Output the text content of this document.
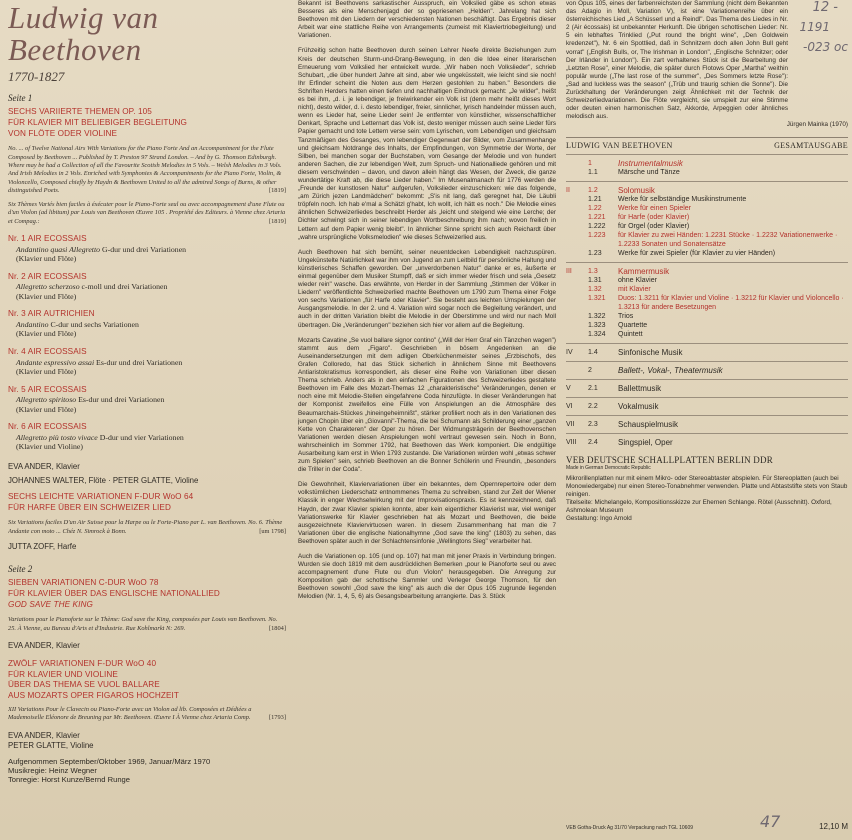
Ludwig van Beethoven
1770-1827
Seite 1
SECHS VARIIERTE THEMEN OP. 105
FÜR KLAVIER MIT BELIEBIGER BEGLEITUNG
VON FLÖTE ODER VIOLINE
No. ... of Twelve National Airs With Variations for the Piano Forte And an Accompaniment for the Flute Composed by Beethoven ... Published by T. Preston 97 Strand London. – And by G. Thomson Edinburgh. Where may be had a Collection of all the Favourite Scotish Melodies in 5 Vols. – Welsh Melodies in 3 Vols. And Irish Melodies in 2 Vols. Enriched with Symphonies & Accompaniments for the Piano Forte, Violin, & Violoncello, Composed chiefly by Haydn & Beethoven United to all the admired Songs of Burns, & other distinguished Poets.	[1819]
Six Thèmes Variés bien faciles à éxécuter pour le Piano-Forte seul ou avec accompagnement d'une Flute ou d'un Violon (ad libitum) par Louis van Beethoven Œuvre 105 . Propriété des Editeurs. à Vienne chez Artaria et Compag.:	[1819]
Nr. 1 AIR ECOSSAIS
Andantino quasi Allegretto G-dur und drei Variationen
(Klavier und Flöte)
Nr. 2 AIR ECOSSAIS
Allegretto scherzoso c-moll und drei Variationen
(Klavier und Flöte)
Nr. 3 AIR AUTRICHIEN
Andantino C-dur und sechs Variationen
(Klavier und Flöte)
Nr. 4 AIR ECOSSAIS
Andante espressivo assai Es-dur und drei Variationen
(Klavier und Flöte)
Nr. 5 AIR ECOSSAIS
Allegretto spiritoso Es-dur und drei Variationen
(Klavier und Flöte)
Nr. 6 AIR ECOSSAIS
Allegretto più tosto vivace D-dur und vier Variationen
(Klavier und Violine)
EVA ANDER, Klavier
JOHANNES WALTER, Flöte · PETER GLATTE, Violine
SECHS LEICHTE VARIATIONEN F-DUR WoO 64
FÜR HARFE ÜBER EIN SCHWEIZER LIED
Six Variations faciles D'un Air Suisse pour la Harpe ou le Forte-Piano par L. van Beethoven. No. 6. Thème Andante con moto ... Chéz N. Simrock à Bonn.	[um 1798]
JUTTA ZOFF, Harfe
Seite 2
SIEBEN VARIATIONEN C-DUR WoO 78
FÜR KLAVIER ÜBER DAS ENGLISCHE NATIONALLIED
GOD SAVE THE KING
Variations pour le Pianoforte sur le Thème: God save the King, composées par Louis van Beethoven. No. 25. À Vienne, au Bureau d'Arts et d'Industrie. Rue Kohlmarkt N: 269.	[1804]
EVA ANDER, Klavier
ZWÖLF VARIATIONEN F-DUR WoO 40
FÜR KLAVIER UND VIOLINE
ÜBER DAS THEMA SE VUOL BALLARE
AUS MOZARTS OPER FIGAROS HOCHZEIT
XII Variations Pour le Clavecin ou Piano-Forte avec un Violon ad lib. Composées et Dédiées a Mademoiselle Eléonore de Breuning par Mr. Beethoven. Œuvre I À Vienne chez Artaria Comp.	[1793]
EVA ANDER, Klavier
PETER GLATTE, Violine
Aufgenommen September/Oktober 1969, Januar/März 1970
Musikregie: Heinz Wegner
Tonregie: Horst Kunze/Bernd Runge

Bekannt ist Beethovens sarkastischer Ausspruch, ein Volkslied gäbe es schon etwas Besseres als eine Menschenjagd der so gepriesenen „Helden". Jahrelang hat sich Beethoven mit den Liedern der verschiedensten Nationen beschäftigt. Das Ergebnis dieser Arbeit war eine stattliche Reihe von Arrangements (zumeist mit Klaviertriobegleitung) und Variationen.

Frühzeitig schon hatte Beethoven durch seinen Lehrer Neefe direkte Beziehungen zum Kreis der deutschen Sturm-und-Drang-Bewegung, in den die Idee einer literarischen Erneuerung vom Volkslied her entwickelt wurde. „Wir haben noch Volkslieder", schrieb Schubart, „die über hundert Jahre alt sind, aber wie ungeküsstelt, wie leicht sind sie noch! Ihr Erfinder scheint die Noten aus dem Herzen gestohlen zu haben." Besonders die Schriften Herders hatten einen tiefen und nachhaltigen Eindruck gemacht: „Je wilder", heißt es bei ihm, „d. i. je lebendiger, je freiwirkender ein Volk ist (denn mehr heißt dieses Wort nicht), desto wilder, d. i. desto lebendiger, freier, sinnlicher, lyrisch handelnder müssen auch, wenn es Lieder hat, seine Lieder sein! Je entfernter von künstlicher, wissenschaftlicher Denkart, Sprache und Letternart das Volk ist, desto weniger müssen auch seine Lieder fürs Papier gemacht und tote Lettern verse sein: vom Lyrischen, vom Lebendigen und gleichsam Tanzmäßigen des Gesanges, vom lebendiger Gegenwart der Bilder, vom Zusammenhange und gleichsam Notdrange des Inhalts, der Empfindungen, von Symmetrie der Worte, der Silben, bei manchen sogar der Buchstaben, vom Gesange der Melodie und von hundert anderen Sachen, die zur lebendigen Welt, zum Spruch- und Nationalliede gehören und mit diesem verschwinden – davon, und davon allein hängt das Wesen, der Zweck, die ganze wundertätige Kraft ab, die diese Lieder haben." Im Musenalmanach für 1776 werden die „Freunde der kunstlosen Natur" aufgerufen, Volkslieder einzuschicken: wie das folgende, „am Zürich jezen Landmädchen" bekommt: „S'is nit lang, daß geregnet hat, Die Läubli tröpfeln noch. Ich hab e'mal a Schätzl g'habt, Ich wollt, ich hätt es noch." Die Melodie eines ähnlichen Schweizerliedes beschreibt Herder als „leicht und steigend wie eine Lerche; der Dichter schwingt sich in seiner lebendigen Wortbeschreibung ihm nach; wovon freilich in Lettern auf dem Papier wenig bleibt". In ähnlicher Sinne spricht sich auch Reichardt über „wahre ursprüngliche Volksmelodien" wie dieses Schweizerlied aus.

Auch Beethoven hat sich bemüht, seiner neuentdecken Lebendigkeit nachzuspüren. Ungekünstelte Natürlichkeit war ihm von Jugend an zum Leitbild für persönliche Haltung und künstlerisches Schaffen geworden. Der „unverdorbenen Natur" danke er es, äußerte er einmal gegenüber dem Musiker Stumpff, daß er sich immer wieder frisch und sela „Gesetz wieder rein" wasche. Das erwähnte, von Herder in der Sammlung „Stimmen der Völker in Liedern" veröffentlichte Schweizerlied machte Beethoven um 1790 zum Thema einer Folge von sechs Variationen „für Harfe oder Klavier". Sie besteht aus leichten Umspielungen der Ausgangsmelodie. In der 2. und 4. Variation wird sogar noch die Begleitung verändert, und auch in der dritten Variation bleibt die Melodie in der Oberstimme und wird nur nach Moll übertragen. Die „Veränderungen" beziehen sich hier vor allem auf die Begleitung.

Mozarts Cavatine „Se vuol ballare signor contino" („Will der Herr Graf ein Tänzchen wagen") stammt aus dem „Figaro". Geschrieben in bösem Angedenken an die Auseinandersetzungen mit dem adligen Oberküchenmeister seines „Erzbischofs, des Grafen Colloredo, hat das Stück sicherlich in ähnlichem Sinne mit Beethovens Antiaristokratismus korrespondiert, als dieser eine Reihe von Variationen über diesen Thema schrieb. Anders als in den einfachen Figurationen des Schweizerliedes gestaltete Beethoven im Falle des Mozart-Themas 12 „charakteristische" Veränderungen, denen er noch eine mit Melodie-Stellen eingefahrene Coda hinzufügte. In dieser Veränderungen hat der Komponist zweifellos eine Fülle von Anspielungen an die Atmosphäre des Beaumarchais-Stückes „hineingeheimnißt", stärker profiliert noch als in den Variationen des jungen Chopin über ein „Giovanni"-Thema, die bei Schumann als Schilderung einer „ganzen Kette von Charakteren" der Oper zu hören. Der Widmungsträgerin der Beethovenschen Variationen werden diesen Anspielungen wohl vertraut gewesen sein. Noch in Bonn, wahrscheinlich im Sommer 1792, hat Beethoven das Werk komponiert. Die endgültige Ausarbeitung kam erst in Wien 1793 zustande. Die Variationen würden wohl „etwas schwer zum Spielen" sein, schrieb Beethoven an die Bonner Schülerin und Freundin, „besonders die Triller in der Coda".

Die Gewohnheit, Klaviervariationen über ein bekanntes, dem Opernrepertoire oder dem volkstümlichen Liederschatz entnommenes Thema zu schreiben, stand zur Zeit der Wiener Klassik in enger Wechselwirkung mit der Improvisationspraxis. Es ist kennzeichnend, daß Haydn, der zwar Klavier spielen konnte, aber kein eigentlicher Klavierist war, viel weniger Variationswerke für Klavier geschrieben hat als Mozart und Beethoven, die beide ausgezeichnete Klaviervirtuosen waren. In diesem Zusammenhang hat man die 7 Variationen über die englische Nationalhymne „God save the king" (1803) zu sehen, das Beethoven später auch in der Schlachtensinfonie „Wellingtons Sieg" verarbeiter hat.

Auch die Variationen op. 105 (und op. 107) hat man mit jener Praxis in Verbindung bringen. Wurden sie doch 1819 mit dem ausdrücklichen Bemerken „pour le Pianoforte seul ou avec accompagnement d'une Flute ou d'un Violon" herausgegeben. Die Anregung zur Komposition gab der schottische Sammler und Verleger George Thomson, für den Beethoven sowohl „God save the king" als auch die der Opus 105 zugrunde liegenden Melodien (Nr. 1, 4, 5, 6) als Gesangsbearbeitung arrangierte. Das 3. Stück

von Opus 105, eines der farbenreichsten der Sammlung (nicht dem Bekannten das Adagio in Moll, Variation V), ist eine Variationenreihe über ein österreichisches Lied „A Schüsserl und a Reindl". Das Thema des Liedes in Nr. 2 (Air écossais) ist unbekannter Herkunft. Die übrigen schottischen Lieder: Nr. 5 ein lebhaftes Trinklied („Put round the bright wine", „Den Goldwein kredenzet"), Nr. 6 ein Spottlied, daß in Schnitzern doch allen John Bull geht vorrat" („English Bulls, or, The Irishman in London", „Englische Schnitzer; oder Der Irländer in London"). Ein zart verhaltenes Stück ist die Bearbeitung der „Letzten Rose", einer Melodie, die später durch Flotows Oper „Martha" weithin populär wurde („The last rose of the summer", „Des Sommers letzte Rose"): „Sad and luckless was the season" („Trüb und traurig schien die Sonne"). Die Zurückhaltung der Veränderungen zeigt Ähnlichkeit mit der Technik der Schweizerliedvariationen. Die Flöte vergleicht, sie umspielt zur eine Stimme oder deuten einen harmonischen Satz, Akkorde, Arpeggien oder ähnliches melodisch aus.

Jürgen Mainka (1970)
LUDWIG VAN BEETHOVEN	GESAMTAUSGABE
1	Instrumentalmusik
1.1	Märsche und Tänze
II	1.2	Solomusik
1.21	Werke für selbständige Musikinstrumente
1.22	Werke für einen Spieler
1.221	für Harfe (oder Klavier)
1.222	für Orgel (oder Klavier)
1.223	für Klavier zu zwei Händen: 1.2231 Stücke · 1.2232 Variationenwerke · 1.2233 Sonaten und Sonatensätze
1.23	Werke für zwei Spieler (für Klavier zu vier Händen)
III	1.3	Kammermusik
1.31	ohne Klavier
1.32	mit Klavier
1.321	Duos: 1.3211 für Klavier und Violine · 1.3212 für Klavier und Violoncello · 1.3213 für andere Besetzungen
1.322	Trios
1.323	Quartette
1.324	Quintett
IV	1.4	Sinfonische Musik
2	Ballett-, Vokal-, Theatermusik
V	2.1	Ballettmusik
VI	2.2	Vokalmusik
VII	2.3	Schauspielmusik
VIII	2.4	Singspiel, Oper
VEB DEUTSCHE SCHALLPLATTEN BERLIN DDR
Made in German Democratic Republic
Mikrorillenplatten nur mit einem Mikro- oder Stereoabtaster abspielen. Für Stereoplatten (auch bei Monowiedergabe) nur einen Stereo-Tonabnehmer verwenden. Platte und Abtaststifte stets von Staub reinigen.
Titelseite: Michelangelo, Kompositionsskizze zur Ehernen Schlange. Rötel (Ausschnitt). Oxford, Ashmolean Museum
Gestaltung: Ingo Arnold
VEB Gotha-Druck Ag 31/70 Verpackung nach TGL 10609	12,10 M
12 -
1191
-023 oc
47
